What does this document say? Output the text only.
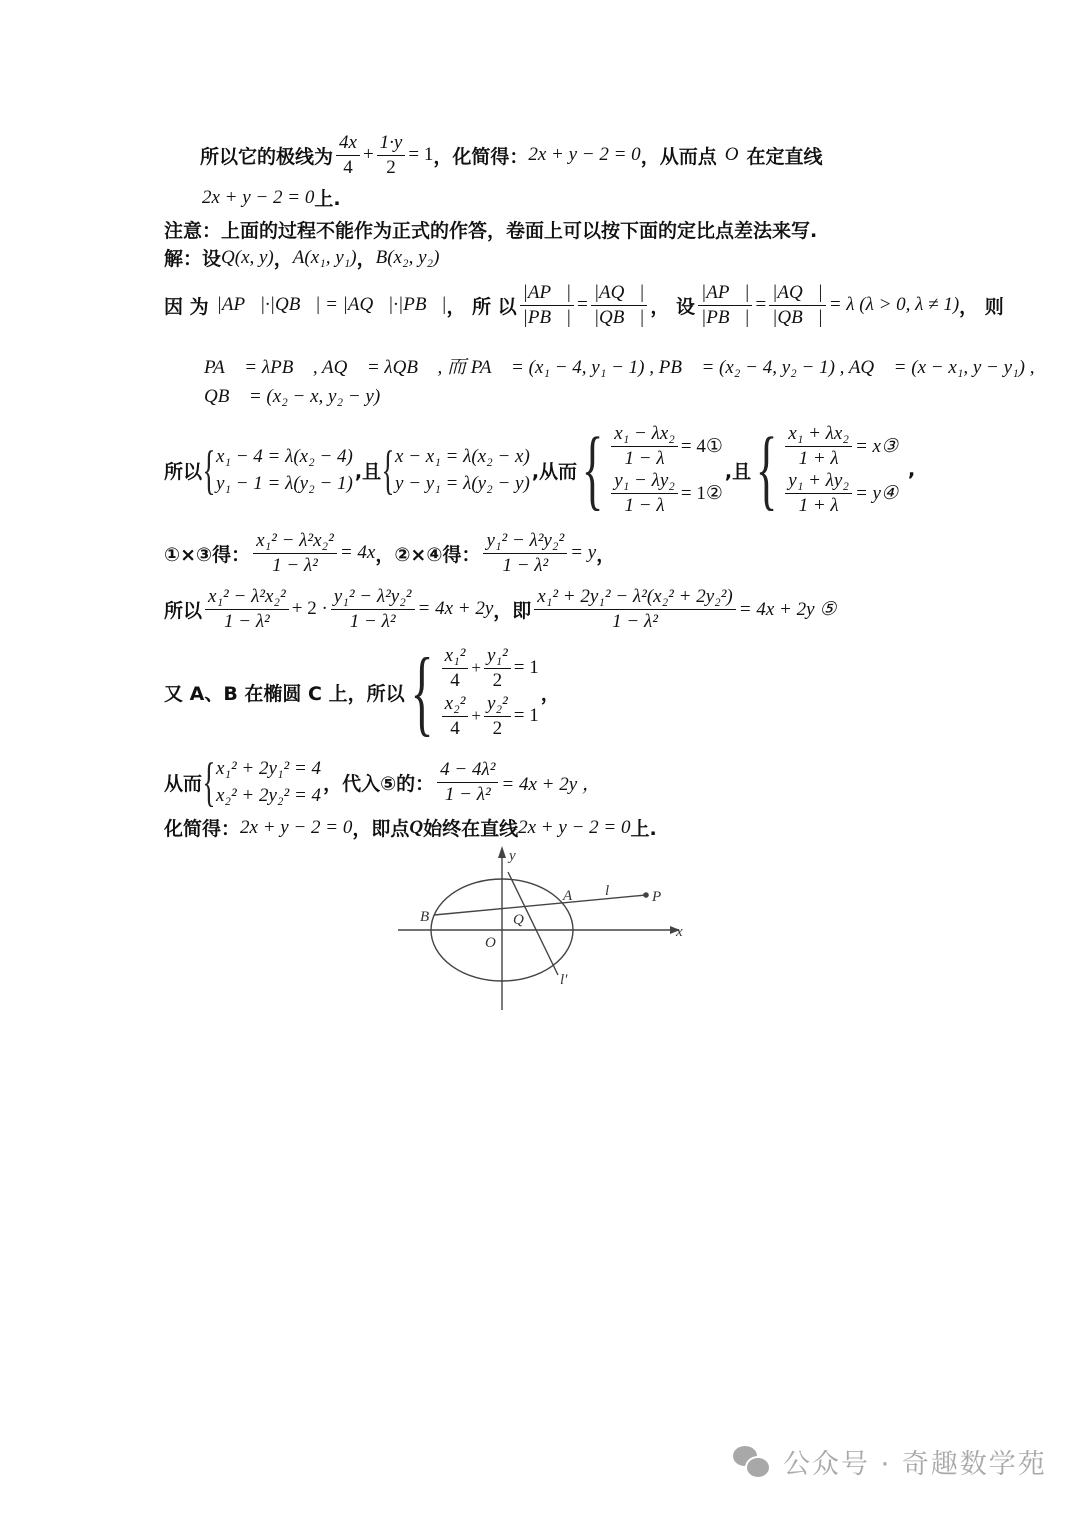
所以它的极线为 $\frac{4x}{4} + \frac{1\cdot y}{2} = 1$ ，化简得： 2x + y − 2 = 0 ，从而点 O 在定直线
2x + y − 2 = 0 上.
注意：上面的过程不能作为正式的作答，卷面上可以按下面的定比点差法来写.
解：设 Q(x, y) ， A(x₁, y₁) ， B(x₂, y₂)
因 为 |AP⃗|·|QB⃗| = |AQ⃗|·|PB⃗| ， 所 以 $\frac{|AP⃗|}{|PB⃗|} = \frac{|AQ⃗|}{|QB⃗|}$ ， 设 $\frac{|AP⃗|}{|PB⃗|} = \frac{|AQ⃗|}{|QB⃗|} = \lambda$ (λ > 0, λ ≠ 1) ， 则
PA⃗ = λPB⃗ , AQ⃗ = λQB⃗ , 而 PA⃗ = (x₁ − 4, y₁ − 1) , PB⃗ = (x₂ − 4, y₂ − 1) , AQ⃗ = (x − x₁, y − y₁) ,
QB⃗ = (x₂ − x, y₂ − y)
所以 { x₁ − 4 = λ(x₂ − 4)
y₁ − 1 = λ(y₂ − 1)
,且 { x − x₁ = λ(x₂ − x)
y − y₁ = λ(y₂ − y)
,从而 { $\frac{\text{x₁ − λx₂}}{1 - \lambda}$ = 4①
$\frac{\text{y₁ − λy₂}}{1 - \lambda}$ = 1②
,且 { $\frac{\text{x₁ + λx₂}}{1 + \lambda}$ = x③
$\frac{\text{y₁ + λy₂}}{1 + \lambda}$ = y④
,
①×③得： $\frac{\text{x₁² − λ²x₂²}}{\text{1 − λ²}} = 4x$ ，②×④得： $\frac{\text{y₁² − λ²y₂²}}{\text{1 − λ²}} = y$ ，
所以 $\frac{\text{x₁² − λ²x₂²}}{\text{1 − λ²}} + 2 \cdot \frac{\text{y₁² − λ²y₂²}}{\text{1 − λ²}} = 4x + 2y$ ，即 $\frac{\text{x₁² + 2y₁² − λ²(x₂² + 2y₂²)}}{\text{1 − λ²}} = 4x + 2y$ ⑤
又 A、B 在椭圆 C 上，所以 { $\frac{\text{x₁²}}{4} + \frac{\text{y₁²}}{2} = 1$
$\frac{\text{x₂²}}{4} + \frac{\text{y₂²}}{2} = 1$
，
从而 { x₁² + 2y₁² = 4
x₂² + 2y₂² = 4
，代入⑤的： $\frac{\text{4 − 4λ²}}{\text{1 − λ²}} = 4x + 2y$ ，
化简得： 2x + y − 2 = 0 ，即点 Q 始终在直线 2x + y − 2 = 0 上.
y
x
A l	P
B	Q
O
l′
公众号 · 奇趣数学苑
